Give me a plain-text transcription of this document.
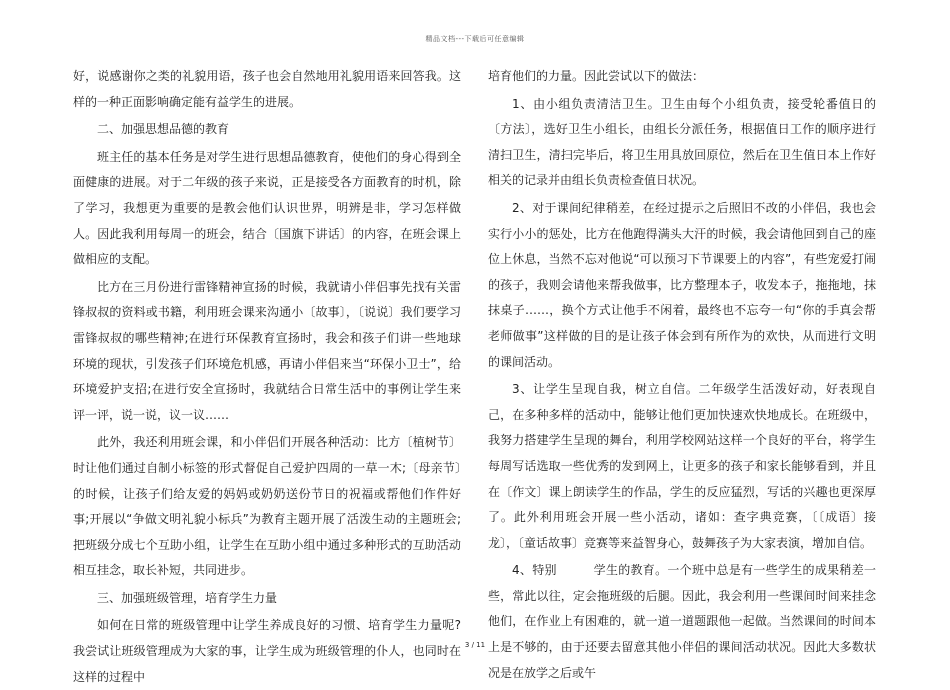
精品文档---下载后可任意编辑

好，说感谢你之类的礼貌用语，孩子也会自然地用礼貌用语来回答我。这样的一种正面影响确定能有益学生的进展。

二、加强思想品德的教育

班主任的基本任务是对学生进行思想品德教育，使他们的身心得到全面健康的进展。对于二年级的孩子来说，正是接受各方面教育的时机，除了学习，我想更为重要的是教会他们认识世界，明辨是非，学习怎样做人。因此我利用每周一的班会，结合〔国旗下讲话〕的内容，在班会课上做相应的支配。

比方在三月份进行雷锋精神宣扬的时候，我就请小伴侣事先找有关雷锋叔叔的资料或书籍，利用班会课来沟通小〔故事〕，〔说说〕我们要学习雷锋叔叔的哪些精神;在进行环保教育宣扬时，我会和孩子们讲一些地球环境的现状，引发孩子们环境危机感，再请小伴侣来当“环保小卫士”，给环境爱护支招;在进行安全宣扬时，我就结合日常生活中的事例让学生来评一评，说一说，议一议……

此外，我还利用班会课，和小伴侣们开展各种活动：比方〔植树节〕时让他们通过自制小标签的形式督促自己爱护四周的一草一木;〔母亲节〕的时候，让孩子们给友爱的妈妈或奶奶送份节日的祝福或帮他们作件好事;开展以“争做文明礼貌小标兵”为教育主题开展了活泼生动的主题班会;把班级分成七个互助小组，让学生在互助小组中通过多种形式的互助活动相互挂念，取长补短，共同进步。

三、加强班级管理，培育学生力量

如何在日常的班级管理中让学生养成良好的习惯、培育学生力量呢?我尝试让班级管理成为大家的事，让学生成为班级管理的仆人，也同时在这样的过程中

培育他们的力量。因此尝试以下的做法：

1、由小组负责清洁卫生。卫生由每个小组负责，接受轮番值日的〔方法〕，选好卫生小组长，由组长分派任务，根据值日工作的顺序进行清扫卫生，清扫完毕后，将卫生用具放回原位，然后在卫生值日本上作好相关的记录并由组长负责检查值日状况。

2、对于课间纪律稍差，在经过提示之后照旧不改的小伴侣，我也会实行小小的惩处，比方在他跑得满头大汗的时候，我会请他回到自己的座位上休息，当然不忘对他说“可以预习下节课要上的内容”，有些宠爱打闹的孩子，我则会请他来帮我做事，比方整理本子，收发本子，拖拖地，抹抹桌子……，换个方式让他手不闲着，最终也不忘夸一句“你的手真会帮老师做事”这样做的目的是让孩子体会到有所作为的欢快，从而进行文明的课间活动。

3、让学生呈现自我，树立自信。二年级学生活泼好动，好表现自己，在多种多样的活动中，能够让他们更加快速欢快地成长。在班级中，我努力搭建学生呈现的舞台，利用学校网站这样一个良好的平台，将学生每周写话选取一些优秀的发到网上，让更多的孩子和家长能够看到，并且在〔作文〕课上朗读学生的作品，学生的反应猛烈，写话的兴趣也更深厚了。此外利用班会开展一些小活动，诸如：查字典竞赛，〔〔成语〕接龙〕，〔童话故事〕竞赛等来益智身心，鼓舞孩子为大家表演，增加自信。

4、特别　　　学生的教育。一个班中总是有一些学生的成果稍差一些，常此以往，定会拖班级的后腿。因此，我会利用一些课间时间来挂念他们，在作业上有困难的，就一道一道题跟他一起做。当然课间的时间本上是不够的，由于还要去留意其他小伴侣的课间活动状况。因此大多数状况是在放学之后或午

3 / 11
